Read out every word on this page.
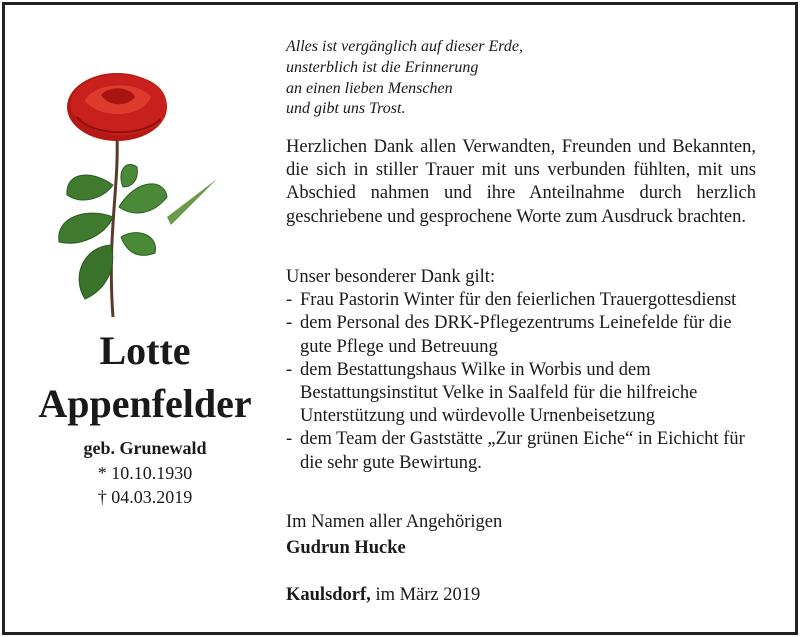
Lotte
Appenfelder
geb. Grunewald
* 10.10.1930
† 04.03.2019
Alles ist vergänglich auf dieser Erde,
unsterblich ist die Erinnerung
an einen lieben Menschen
und gibt uns Trost.
Herzlichen Dank allen Verwandten, Freunden und Bekannten, die sich in stiller Trauer mit uns verbunden fühlten, mit uns Abschied nahmen und ihre Anteilnahme durch herzlich geschriebene und gesprochene Worte zum Ausdruck brachten.
Unser besonderer Dank gilt:
- Frau Pastorin Winter für den feierlichen Trauergottesdienst
- dem Personal des DRK-Pflegezentrums Leinefelde für die gute Pflege und Betreuung
- dem Bestattungshaus Wilke in Worbis und dem Bestattungsinstitut Velke in Saalfeld für die hilfreiche Unterstützung und würdevolle Urnenbeisetzung
- dem Team der Gaststätte „Zur grünen Eiche“ in Eichicht für die sehr gute Bewirtung.
Im Namen aller Angehörigen
Gudrun Hucke
Kaulsdorf, im März 2019
